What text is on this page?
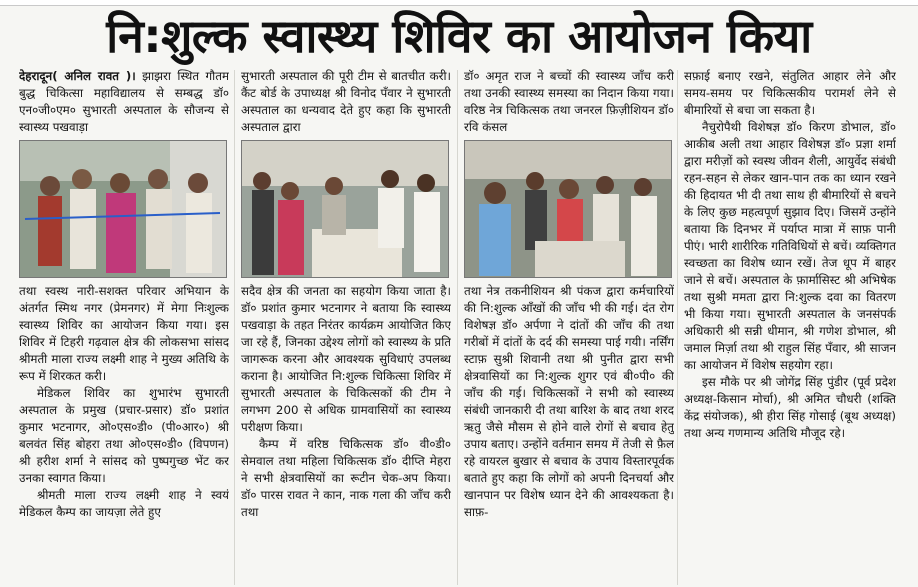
नि:शुल्क स्वास्थ्य शिविर का आयोजन किया

देहरादून( अनिल रावत )। झाझरा स्थित गौतम बुद्ध चिकित्सा महाविद्यालय से सम्बद्ध डॉ० एन०जी०एम० सुभारती अस्पताल के सौजन्य से स्वास्थ्य पखवाड़ा

तथा स्वस्थ नारी-सशक्त परिवार अभियान के अंतर्गत स्मिथ नगर (प्रेमनगर) में मेगा निःशुल्क स्वास्थ्य शिविर का आयोजन किया गया। इस शिविर में टिहरी गढ़वाल क्षेत्र की लोकसभा सांसद श्रीमती माला राज्य लक्ष्मी शाह ने मुख्य अतिथि के रूप में शिरकत करी।

मेडिकल शिविर का शुभारंभ सुभारती अस्पताल के प्रमुख (प्रचार-प्रसार) डॉ० प्रशांत कुमार भटनागर, ओ०एस०डी० (पी०आर०) श्री बलवंत सिंह बोहरा तथा ओ०एस०डी० (विपणन) श्री हरीश शर्मा ने सांसद को पुष्पगुच्छ भेंट कर उनका स्वागत किया।

श्रीमती माला राज्य लक्ष्मी शाह ने स्वयं मेडिकल कैम्प का जायज़ा लेते हुए

सुभारती अस्पताल की पूरी टीम से बातचीत करी। कैंट बोर्ड के उपाध्यक्ष श्री विनोद पँवार ने सुभारती अस्पताल का धन्यवाद देते हुए कहा कि सुभारती अस्पताल द्वारा

सदैव क्षेत्र की जनता का सहयोग किया जाता है। डॉ० प्रशांत कुमार भटनागर ने बताया कि स्वास्थ्य पखवाड़ा के तहत निरंतर कार्यक्रम आयोजित किए जा रहे हैं, जिनका उद्देश्य लोगों को स्वास्थ्य के प्रति जागरूक करना और आवश्यक सुविधाएं उपलब्ध कराना है। आयोजित नि:शुल्क चिकित्सा शिविर में सुभारती अस्पताल के चिकित्सकों की टीम ने लगभग 200 से अधिक ग्रामवासियों का स्वास्थ्य परीक्षण किया।

कैम्प में वरिष्ठ चिकित्सक डॉ० वी०डी० सेमवाल तथा महिला चिकित्सक डॉ० दीप्ति मेहरा ने सभी क्षेत्रवासियों का रूटीन चेक-अप किया। डॉ० पारस रावत ने कान, नाक गला की जाँच करी तथा

डॉ० अमृत राज ने बच्चों की स्वास्थ्य जाँच करी तथा उनकी स्वास्थ्य समस्या का निदान किया गया। वरिष्ठ नेत्र चिकित्सक तथा जनरल फ़िज़ीशियन डॉ० रवि कंसल

तथा नेत्र तकनीशियन श्री पंकज द्वारा कर्मचारियों की नि:शुल्क आँखों की जाँच भी की गई। दंत रोग विशेषज्ञ डॉ० अर्पणा ने दांतों की जाँच की तथा गरीबों में दांतों के दर्द की समस्या पाई गयी। नर्सिंग स्टाफ़ सुश्री शिवानी तथा श्री पुनीत द्वारा सभी क्षेत्रवासियों का नि:शुल्क शुगर एवं बी०पी० की जाँच की गई। चिकित्सकों ने सभी को स्वास्थ्य संबंधी जानकारी दी तथा बारिश के बाद तथा शरद ऋतु जैसे मौसम से होने वाले रोगों से बचाव हेतु उपाय बताए। उन्होंने वर्तमान समय में तेजी से फ़ैल रहे वायरल बुखार से बचाव के उपाय विस्तारपूर्वक बताते हुए कहा कि लोगों को अपनी दिनचर्या और खानपान पर विशेष ध्यान देने की आवश्यकता है। साफ़-

सफ़ाई बनाए रखने, संतुलित आहार लेने और समय-समय पर चिकित्सकीय परामर्श लेने से बीमारियों से बचा जा सकता है।

नैचुरोपैथी विशेषज्ञ डॉ० किरण डोभाल, डॉ० आकीब अली तथा आहार विशेषज्ञ डॉ० प्रज्ञा शर्मा द्वारा मरीज़ों को स्वस्थ जीवन शैली, आयुर्वेद संबंधी रहन-सहन से लेकर खान-पान तक का ध्यान रखने की हिदायत भी दी तथा साथ ही बीमारियों से बचने के लिए कुछ महत्वपूर्ण सुझाव दिए। जिसमें उन्होंने बताया कि दिनभर में पर्याप्त मात्रा में साफ़ पानी पीएं। भारी शारीरिक गतिविधियों से बचें। व्यक्तिगत स्वच्छता का विशेष ध्यान रखें। तेज धूप में बाहर जाने से बचें। अस्पताल के फ़ार्मासिस्ट श्री अभिषेक तथा सुश्री ममता द्वारा नि:शुल्क दवा का वितरण भी किया गया। सुभारती अस्पताल के जनसंपर्क अधिकारी श्री सन्नी धीमान, श्री गणेश डोभाल, श्री जमाल मिर्ज़ा तथा श्री राहुल सिंह पँवार, श्री साजन का आयोजन में विशेष सहयोग रहा।

इस मौके पर श्री जोगेंद्र सिंह पुंडीर (पूर्व प्रदेश अध्यक्ष-किसान मोर्चा), श्री अमित चौधरी (शक्ति केंद्र संयोजक), श्री हीरा सिंह गोसाई (बूथ अध्यक्ष) तथा अन्य गणमान्य अतिथि मौजूद रहे।
